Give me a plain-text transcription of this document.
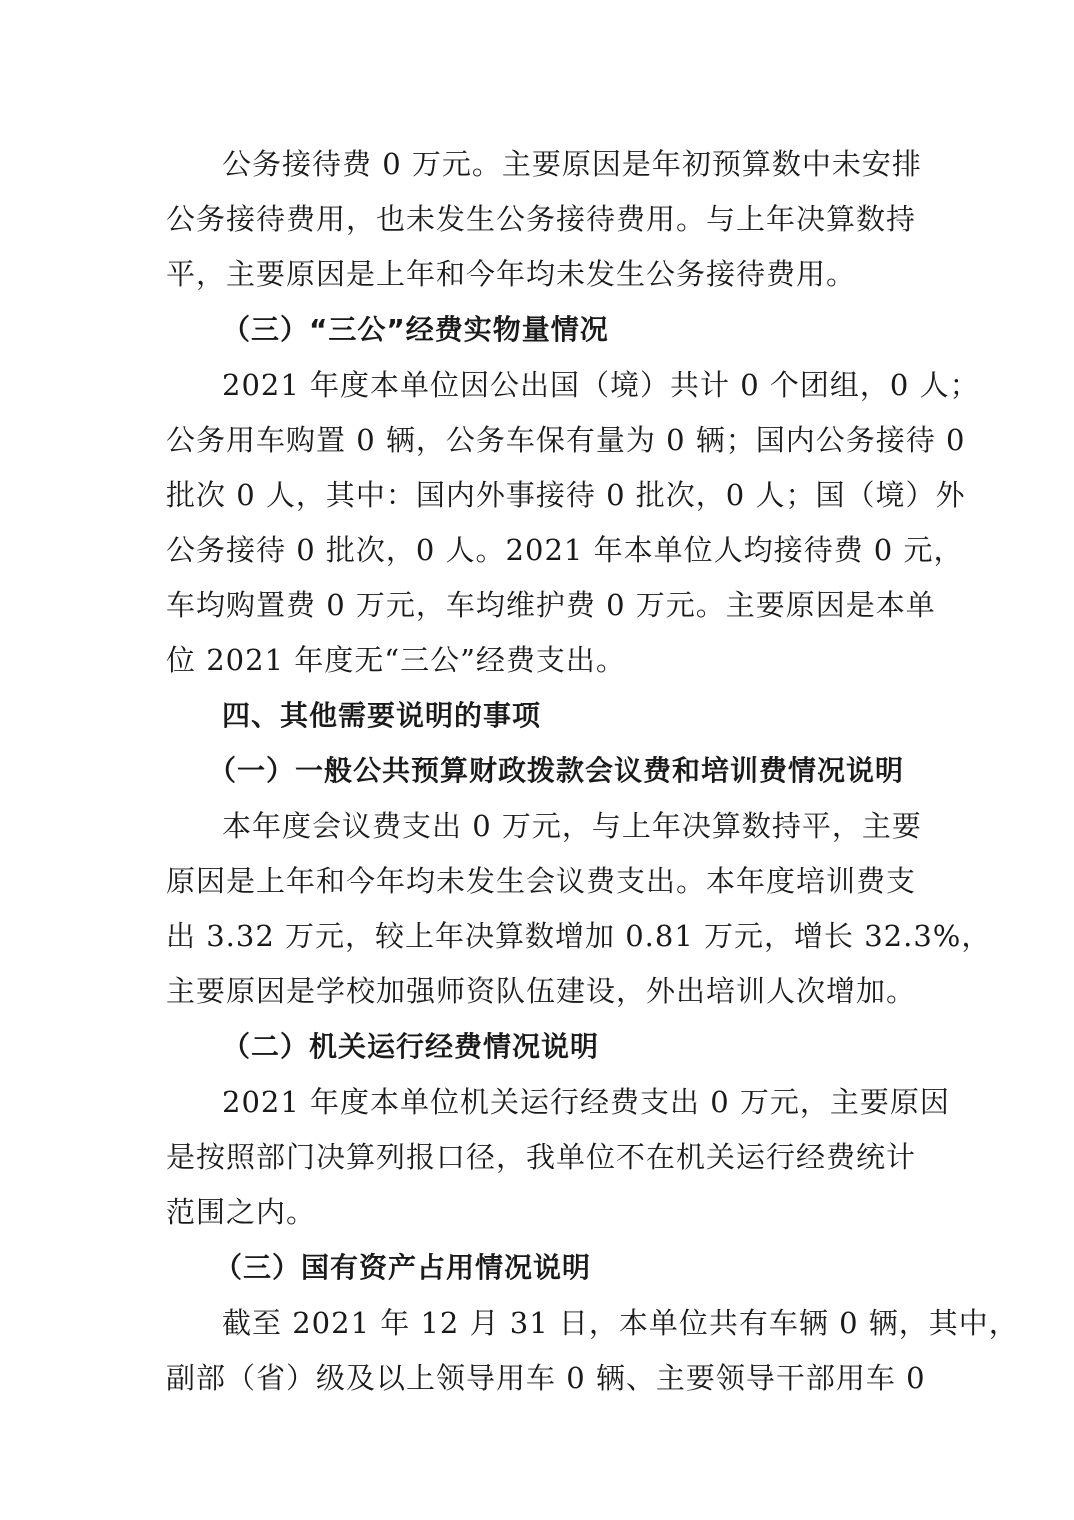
公务接待费 0 万元。主要原因是年初预算数中未安排
公务接待费用，也未发生公务接待费用。与上年决算数持
平，主要原因是上年和今年均未发生公务接待费用。
（三）“三公”经费实物量情况
2021 年度本单位因公出国（境）共计 0 个团组，0 人；
公务用车购置 0 辆，公务车保有量为 0 辆；国内公务接待 0
批次 0 人，其中：国内外事接待 0 批次，0 人；国（境）外
公务接待 0 批次，0 人。2021 年本单位人均接待费 0 元，
车均购置费 0 万元，车均维护费 0 万元。主要原因是本单
位 2021 年度无“三公”经费支出。
四、其他需要说明的事项
（一）一般公共预算财政拨款会议费和培训费情况说明
本年度会议费支出 0 万元，与上年决算数持平，主要
原因是上年和今年均未发生会议费支出。本年度培训费支
出 3.32 万元，较上年决算数增加 0.81 万元，增长 32.3%，
主要原因是学校加强师资队伍建设，外出培训人次增加。
（二）机关运行经费情况说明
2021 年度本单位机关运行经费支出 0 万元，主要原因
是按照部门决算列报口径，我单位不在机关运行经费统计
范围之内。
（三）国有资产占用情况说明
截至 2021 年 12 月 31 日，本单位共有车辆 0 辆，其中，
副部（省）级及以上领导用车 0 辆、主要领导干部用车 0
